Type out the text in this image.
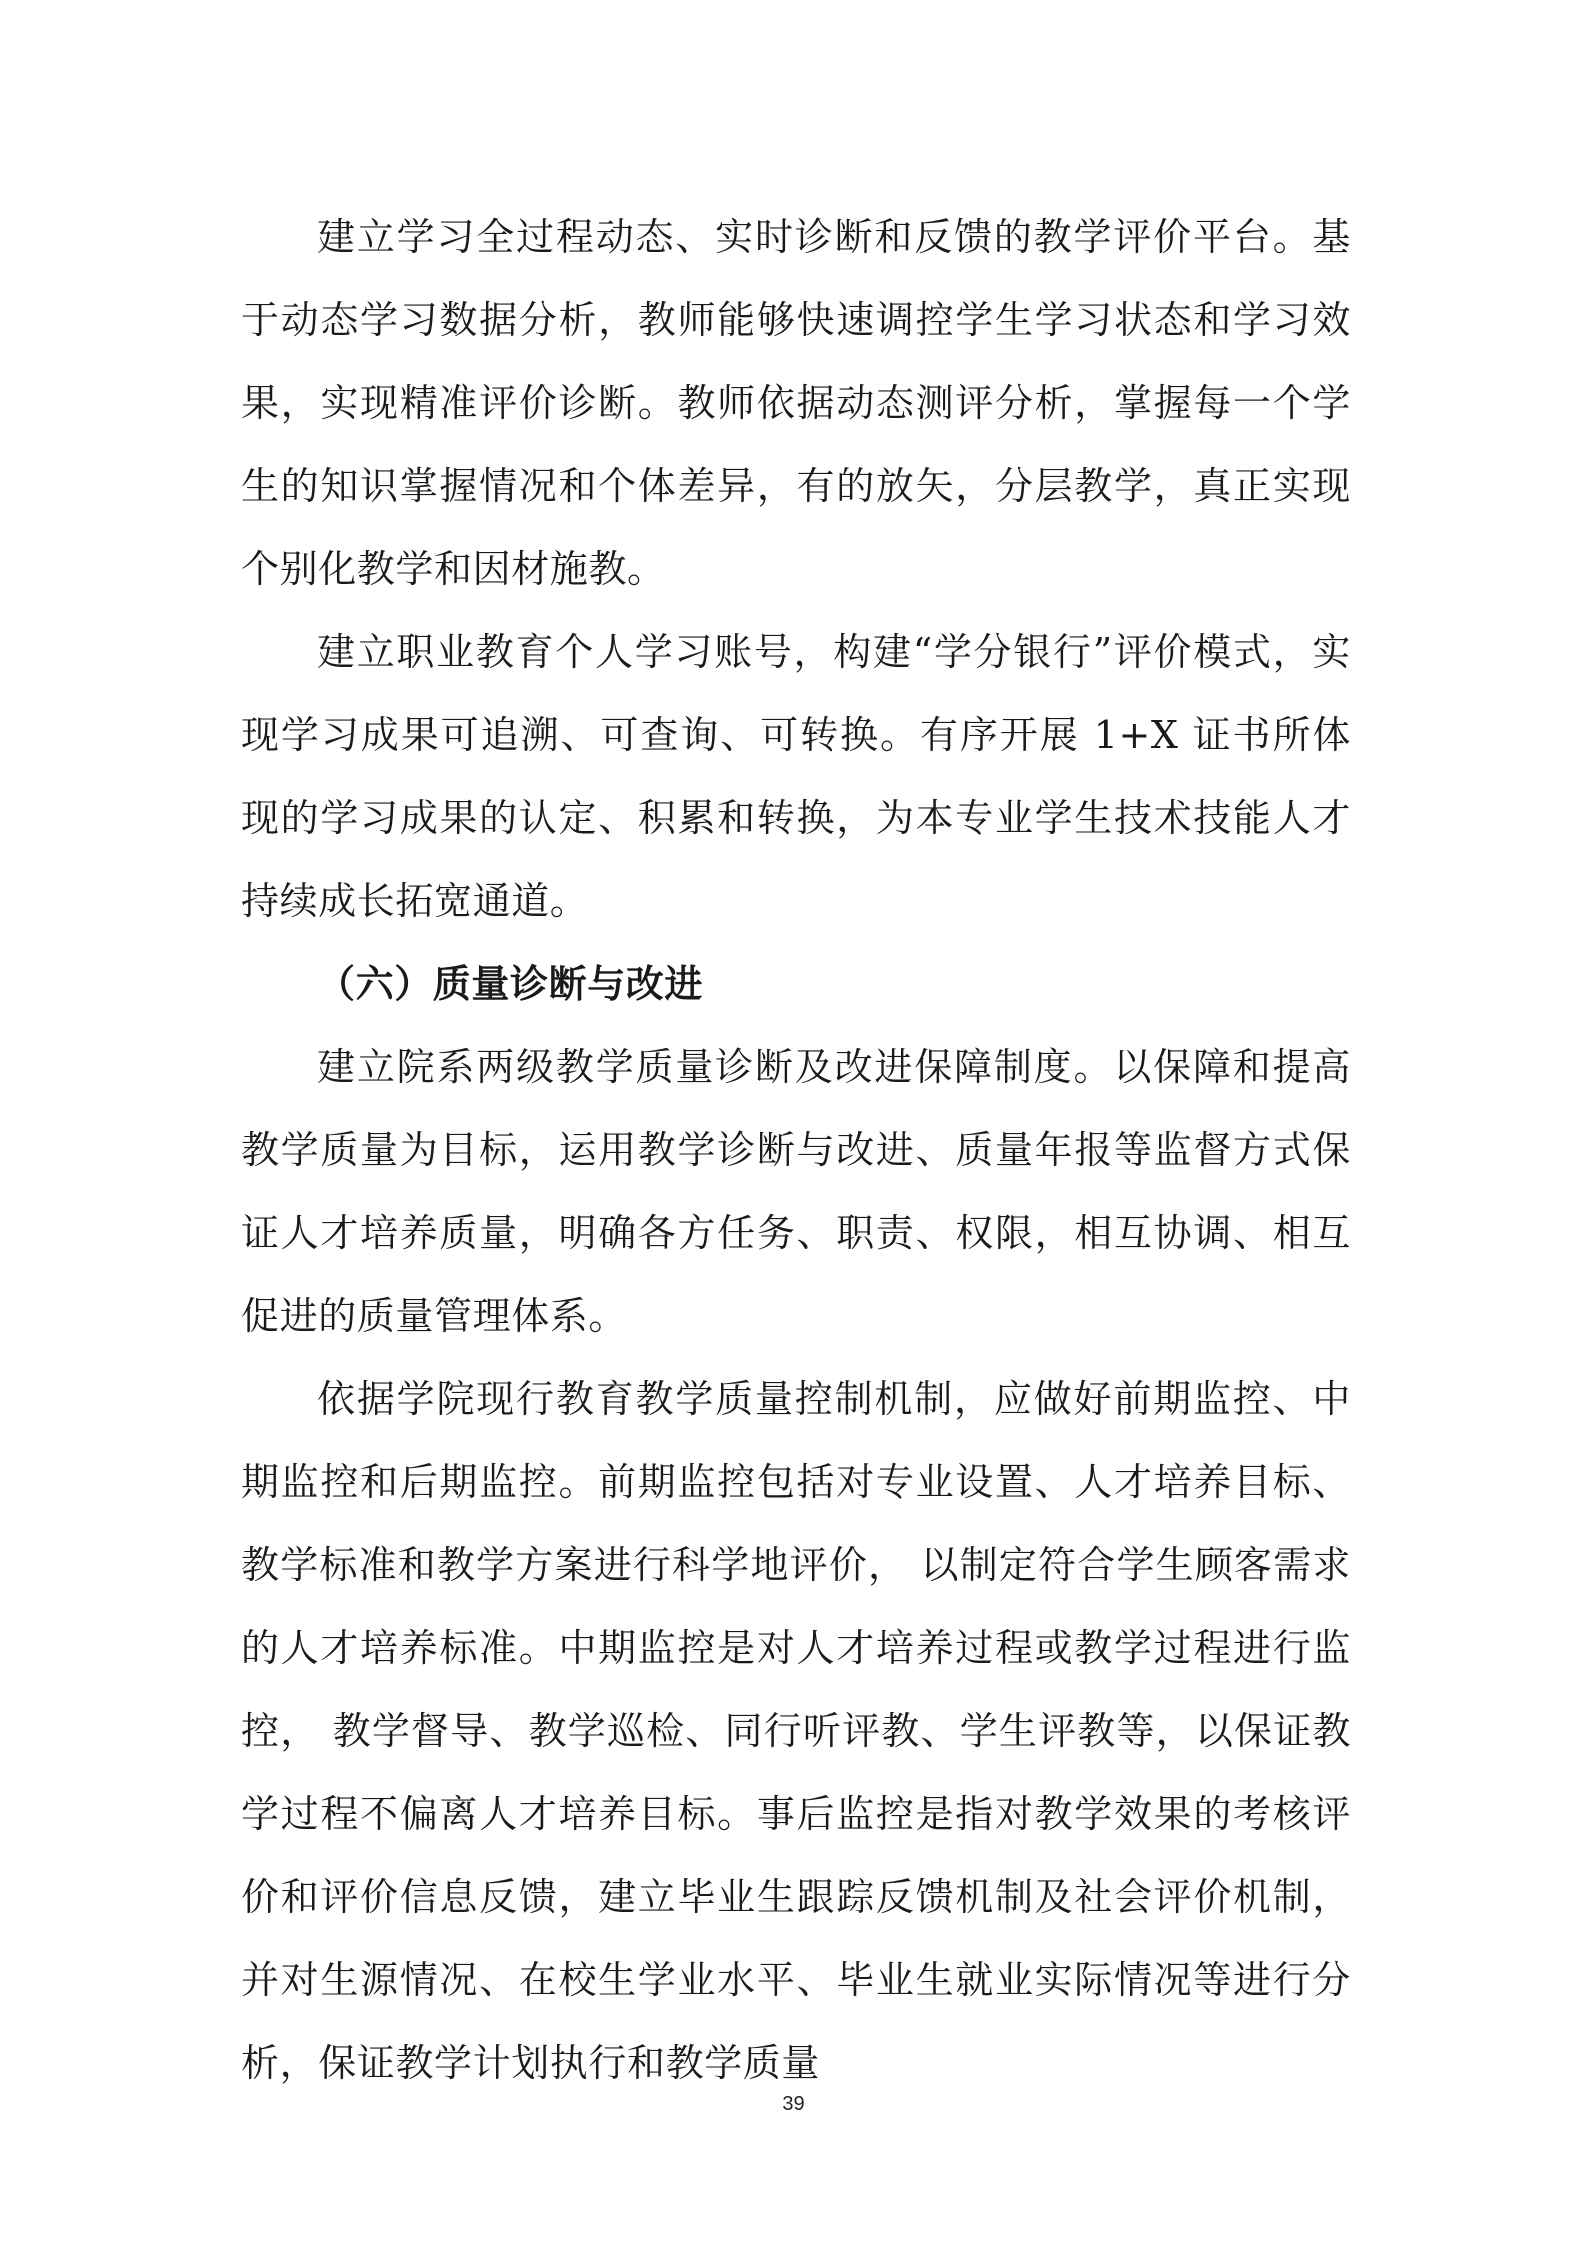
建立学习全过程动态、实时诊断和反馈的教学评价平台。基于动态学习数据分析，教师能够快速调控学生学习状态和学习效果，实现精准评价诊断。教师依据动态测评分析，掌握每一个学生的知识掌握情况和个体差异，有的放矢，分层教学，真正实现个别化教学和因材施教。

建立职业教育个人学习账号，构建“学分银行”评价模式，实现学习成果可追溯、可查询、可转换。有序开展 1+X 证书所体现的学习成果的认定、积累和转换，为本专业学生技术技能人才持续成长拓宽通道。

（六）质量诊断与改进

建立院系两级教学质量诊断及改进保障制度。以保障和提高教学质量为目标，运用教学诊断与改进、质量年报等监督方式保证人才培养质量，明确各方任务、职责、权限，相互协调、相互促进的质量管理体系。

依据学院现行教育教学质量控制机制，应做好前期监控、中期监控和后期监控。前期监控包括对专业设置、人才培养目标、教学标准和教学方案进行科学地评价， 以制定符合学生顾客需求的人才培养标准。中期监控是对人才培养过程或教学过程进行监控， 教学督导、教学巡检、同行听评教、学生评教等，以保证教学过程不偏离人才培养目标。事后监控是指对教学效果的考核评价和评价信息反馈，建立毕业生跟踪反馈机制及社会评价机制，并对生源情况、在校生学业水平、毕业生就业实际情况等进行分析，保证教学计划执行和教学质量

39
